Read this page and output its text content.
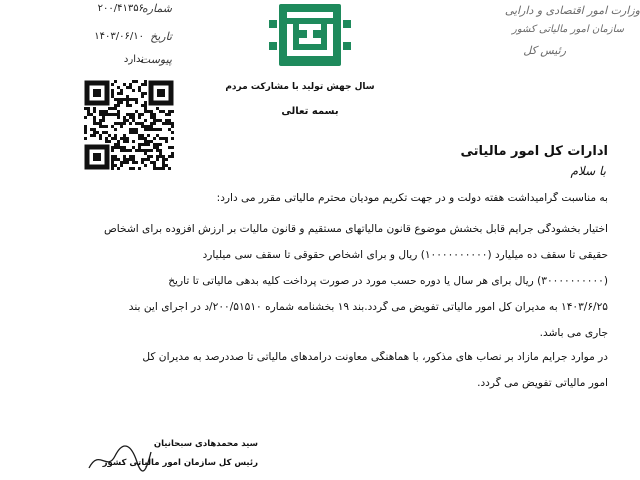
شماره
۲۰۰/۴۱۳۵۶
تاریخ
۱۴۰۳/۰۶/۱۰
پیوست
ندارد
سال جهش تولید با مشارکت مردم
بسمه تعالی
وزارت امور اقتصادی و دارایی
سازمان امور مالیاتی کشور
رئیس کل
ادارات کل امور مالیاتی
با سلام
به مناسبت گرامیداشت هفته دولت و در جهت تکریم مودیان محترم مالیاتی مقرر می دارد:
اختیار بخشودگی جرایم قابل بخشش موضوع قانون مالیاتهای مستقیم و قانون مالیات بر ارزش افزوده برای اشخاص
حقیقی تا سقف ده میلیارد (۱۰۰۰۰۰۰۰۰۰۰) ریال و برای اشخاص حقوقی تا سقف سی میلیارد
(۳۰۰۰۰۰۰۰۰۰۰) ریال برای هر سال یا دوره حسب مورد در صورت پرداخت کلیه بدهی مالیاتی تا تاریخ
۱۴۰۳/۶/۲۵ به مدیران کل امور مالیاتی تفویض می گردد.بند ۱۹ بخشنامه شماره ۲۰۰/۵۱۵۱۰/د در اجرای این بند
جاری می باشد.
در موارد جرایم مازاد بر نصاب های مذکور، با هماهنگی معاونت درآمدهای مالیاتی تا صددرصد به مدیران کل
امور مالیاتی تفویض می گردد.
سید محمدهادی سبحانیان
رئیس کل سازمان امور مالیاتی کشور
